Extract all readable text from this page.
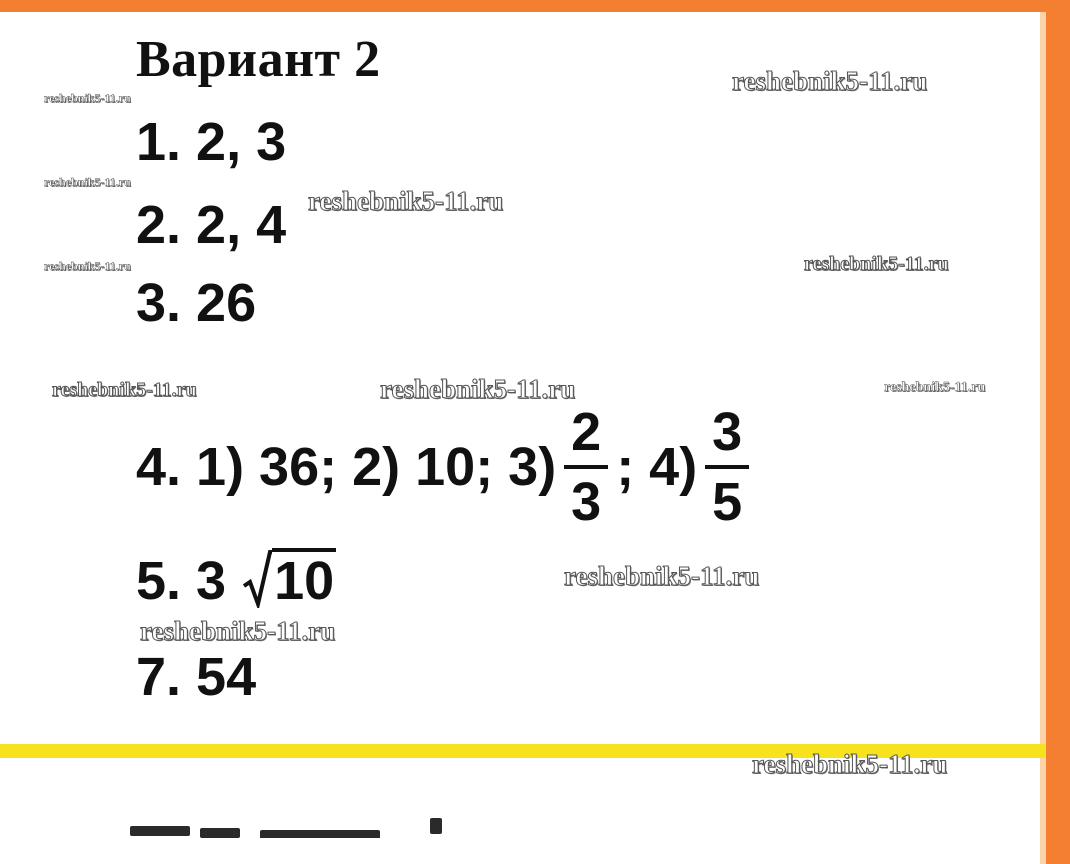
Вариант 2
1. 2, 3
2. 2, 4
3. 26
4. 1) 36; 2) 10; $3) \frac{2}{3}$ ; $4) \frac{3}{5}$
5. 3 10
7. 54
reshebnik5-11.ru
reshebnik5-11.ru
reshebnik5-11.ru
reshebnik5-11.ru
reshebnik5-11.ru	reshebnik5-11.ru
reshebnik5-11.ru	reshebnik5-11.ru	reshebnik5-11.ru
reshebnik5-11.ru
reshebnik5-11.ru
reshebnik5-11.ru
